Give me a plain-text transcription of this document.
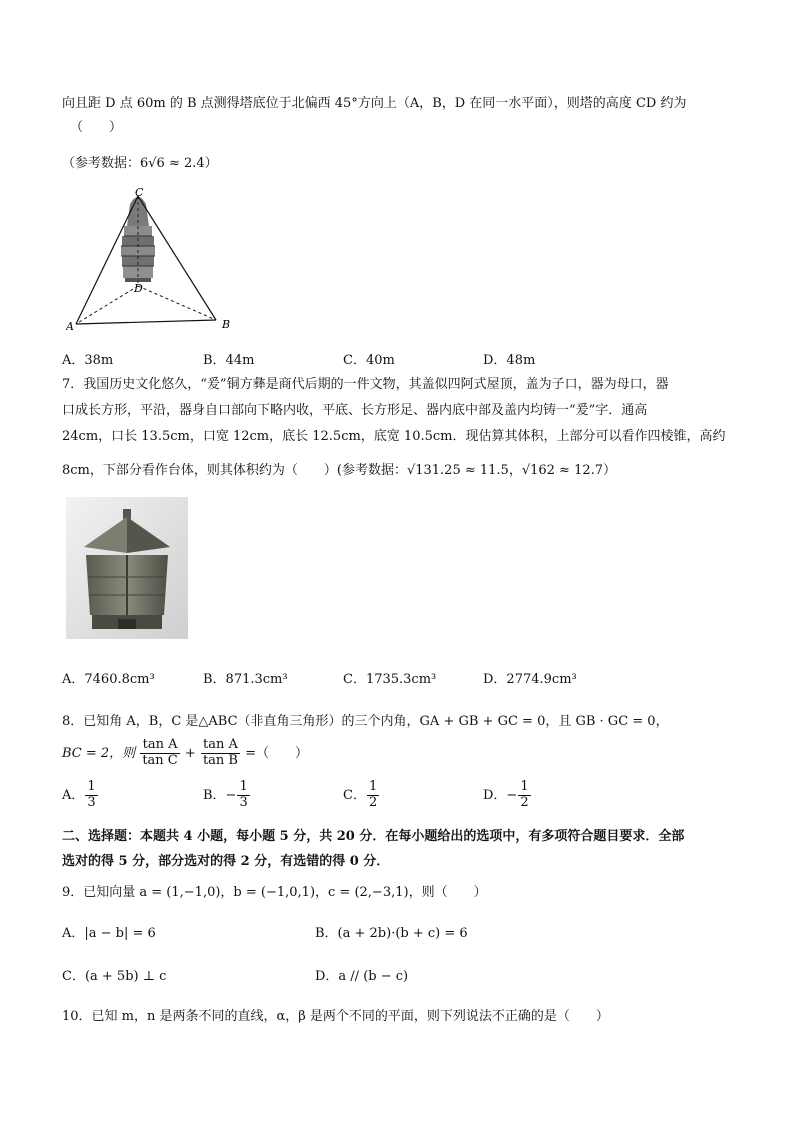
向且距 D 点 60m 的 B 点测得塔底位于北偏西 45°方向上（A，B，D 在同一水平面），则塔的高度 CD 约为
（　　）
（参考数据：6√6 ≈ 2.4）
C
D
A	B
A．38m	B．44m	C．40m	D．48m
7．我国历史文化悠久，“爰”铜方彝是商代后期的一件文物，其盖似四阿式屋顶，盖为子口，器为母口，器
口成长方形，平沿，器身自口部向下略内收，平底、长方形足、器内底中部及盖内均铸一“爰”字．通高
24cm，口长 13.5cm，口宽 12cm，底长 12.5cm，底宽 10.5cm．现估算其体积，上部分可以看作四棱锥，高约
8cm，下部分看作台体，则其体积约为（　　）(参考数据：√131.25 ≈ 11.5，√162 ≈ 12.7）
A．7460.8cm³	B．871.3cm³	C．1735.3cm³	D．2774.9cm³
8．已知角 A，B，C 是△ABC（非直角三角形）的三个内角，GA + GB + GC = 0，且 GB · GC = 0，
BC = 2，则 $\frac{\text{tan A}}{\text{tan C}} + \frac{\text{tan A}}{\text{tan B}}$ =（　　）
A． $\frac{1}{3}$	B．− $\frac{1}{3}$	C． $\frac{1}{2}$	D．− $\frac{1}{2}$
二、选择题：本题共 4 小题，每小题 5 分，共 20 分．在每小题给出的选项中，有多项符合题目要求．全部
选对的得 5 分，部分选对的得 2 分，有选错的得 0 分．
9．已知向量 a = (1,−1,0)，b = (−1,0,1)，c = (2,−3,1)，则（　　）
A．|a − b| = 6	B．(a + 2b)·(b + c) = 6
C．(a + 5b) ⊥ c	D．a // (b − c)
10．已知 m，n 是两条不同的直线，α，β 是两个不同的平面，则下列说法不正确的是（　　）
